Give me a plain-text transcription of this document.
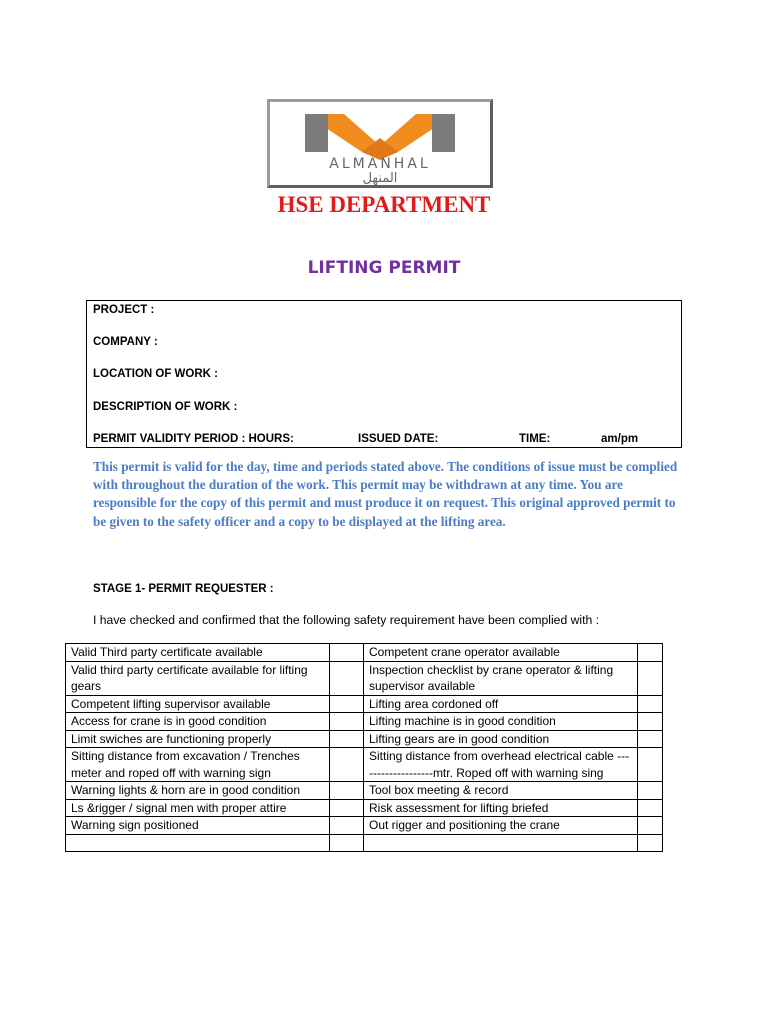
ALMANHAL
المنهل
HSE DEPARTMENT
LIFTING PERMIT
PROJECT :
COMPANY :
LOCATION OF WORK :
DESCRIPTION OF WORK :
PERMIT VALIDITY PERIOD : HOURS:	ISSUED DATE:	TIME:	am/pm
This permit is valid for the day, time and periods stated above. The conditions of issue must be complied with throughout the duration of the work. This permit may be withdrawn at any time. You are responsible for the copy of this permit and must produce it on request. This original approved permit to be given to the safety officer and a copy to be displayed at the lifting area.
STAGE 1- PERMIT REQUESTER :
I have checked and confirmed that the following safety requirement have been complied with :
Valid Third party certificate available		Competent crane operator available	
Valid third party certificate available for lifting gears		Inspection checklist by crane operator & lifting supervisor available	
Competent lifting supervisor available		Lifting area cordoned off	
Access for crane is in good condition		Lifting machine is in good condition	
Limit swiches are functioning properly		Lifting gears are in good condition	
Sitting distance from excavation / Trenches meter and roped off with warning sign		Sitting distance from overhead electrical cable -------------------mtr. Roped off with warning sing	
Warning lights & horn are in good condition		Tool box meeting & record	
Ls &rigger / signal men with proper attire		Risk assessment for lifting briefed	
Warning sign positioned		Out rigger and positioning the crane	
